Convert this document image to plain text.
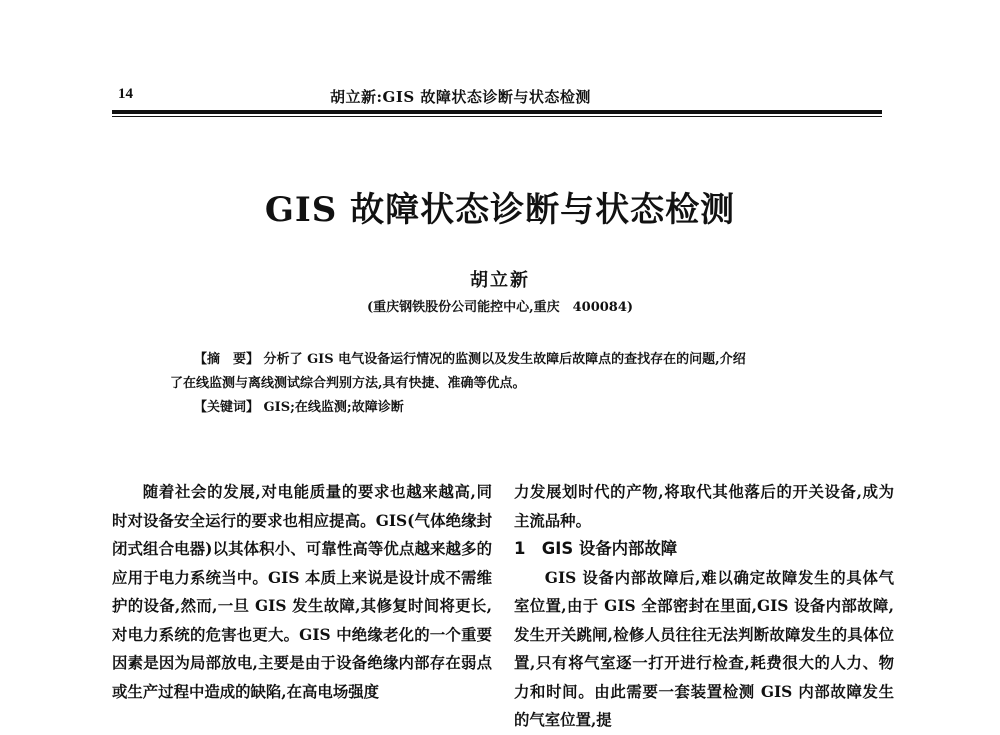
14	胡立新:GIS 故障状态诊断与状态检测
GIS 故障状态诊断与状态检测
胡立新
(重庆钢铁股份公司能控中心,重庆　400084)

【摘　要】 分析了 GIS 电气设备运行情况的监测以及发生故障后故障点的查找存在的问题,介绍

了在线监测与离线测试综合判别方法,具有快捷、准确等优点。

【关键词】 GIS;在线监测;故障诊断

随着社会的发展,对电能质量的要求也越来越高,同时对设备安全运行的要求也相应提高。GIS(气体绝缘封闭式组合电器)以其体积小、可靠性高等优点越来越多的应用于电力系统当中。GIS 本质上来说是设计成不需维护的设备,然而,一旦 GIS 发生故障,其修复时间将更长,对电力系统的危害也更大。GIS 中绝缘老化的一个重要因素是因为局部放电,主要是由于设备绝缘内部存在弱点或生产过程中造成的缺陷,在高电场强度

力发展划时代的产物,将取代其他落后的开关设备,成为主流品种。

1　GIS 设备内部故障

GIS 设备内部故障后,难以确定故障发生的具体气室位置,由于 GIS 全部密封在里面,GIS 设备内部故障,发生开关跳闸,检修人员往往无法判断故障发生的具体位置,只有将气室逐一打开进行检查,耗费很大的人力、物力和时间。由此需要一套装置检测 GIS 内部故障发生的气室位置,提
